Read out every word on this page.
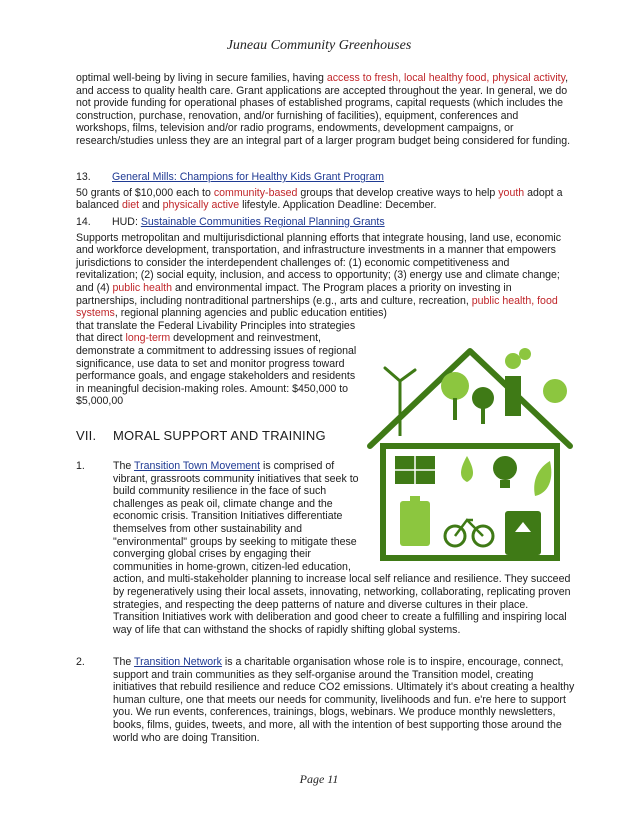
Juneau Community Greenhouses

optimal well-being by living in secure families, having access to fresh, local healthy food, physical activity, and access to quality health care. Grant applications are accepted throughout the year. In general, we do not provide funding for operational phases of established programs, capital requests (which includes the construction, purchase, renovation, and/or furnishing of facilities), equipment, conferences and workshops, films, television and/or radio programs, endowments, development campaigns, or research/studies unless they are an integral part of a larger program budget being considered for funding.

13. General Mills: Champions for Healthy Kids Grant Program

50 grants of $10,000 each to community-based groups that develop creative ways to help youth adopt a balanced diet and physically active lifestyle. Application Deadline: December.

14. HUD: Sustainable Communities Regional Planning Grants

Supports metropolitan and multijurisdictional planning efforts that integrate housing, land use, economic and workforce development, transportation, and infrastructure investments in a manner that empowers jurisdictions to consider the interdependent challenges of: (1) economic competitiveness and revitalization; (2) social equity, inclusion, and access to opportunity; (3) energy use and climate change; and (4) public health and environmental impact. The Program places a priority on investing in partnerships, including nontraditional partnerships (e.g., arts and culture, recreation, public health, food systems, regional planning agencies and public education entities)

that translate the Federal Livability Principles into strategies
that direct long-term development and reinvestment,
demonstrate a commitment to addressing issues of regional
significance, use data to set and monitor progress toward
performance goals, and engage stakeholders and residents
in meaningful decision-making roles. Amount: $450,000 to
$5,000,00
VII. MORAL SUPPORT AND TRAINING
1.	The Transition Town Movement is comprised of
vibrant, grassroots community initiatives that seek to
build community resilience in the face of such
challenges as peak oil, climate change and the
economic crisis. Transition Initiatives differentiate
themselves from other sustainability and
"environmental" groups by seeking to mitigate these
converging global crises by engaging their
communities in home-grown, citizen-led education,
action, and multi-stakeholder planning to increase local self reliance and resilience. They succeed by regeneratively using their local assets, innovating, networking, collaborating, replicating proven strategies, and respecting the deep patterns of nature and diverse cultures in their place. Transition Initiatives work with deliberation and good cheer to create a fulfilling and inspiring local way of life that can withstand the shocks of rapidly shifting global systems.
2.	The Transition Network is a charitable organisation whose role is to inspire, encourage, connect, support and train communities as they self-organise around the Transition model, creating initiatives that rebuild resilience and reduce CO2 emissions. Ultimately it's about creating a healthy human culture, one that meets our needs for community, livelihoods and fun. e're here to support you. We run events, conferences, trainings, blogs, webinars. We produce monthly newsletters, books, films, guides, tweets, and more, all with the intention of best supporting those around the world who are doing Transition.
Page 11
